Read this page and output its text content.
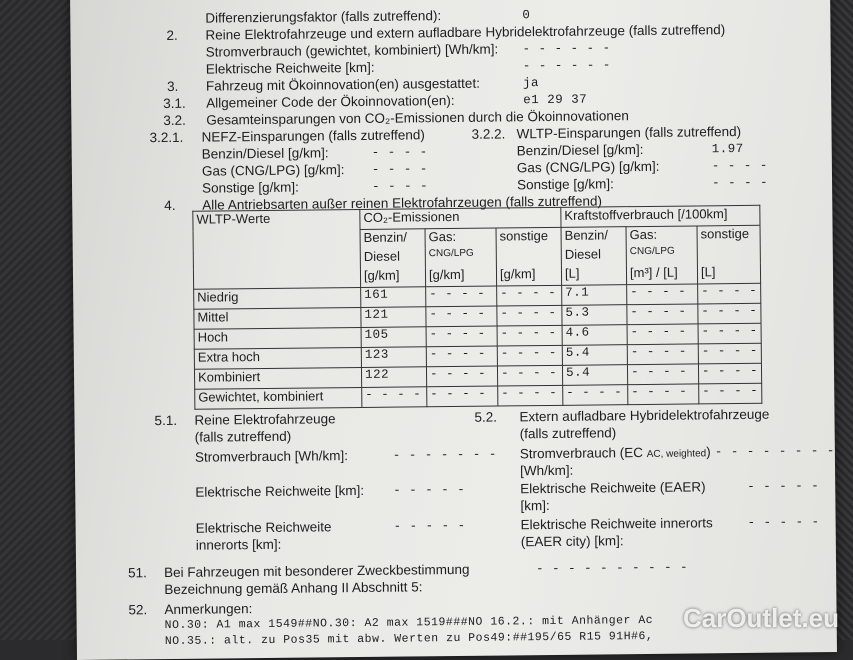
Differenzierungsfaktor (falls zutreffend):	0
2. Reine Elektrofahrzeuge und extern aufladbare Hybridelektrofahrzeuge (falls zutreffend)
Stromverbrauch (gewichtet, kombiniert) [Wh/km]: - - - - - -
Elektrische Reichweite [km]:	- - - - - -
3. Fahrzeug mit Ökoinnovation(en) ausgestattet:	ja
3.1. Allgemeiner Code der Ökoinnovation(en):	e1 29 37
3.2. Gesamteinsparungen von CO₂-Emissionen durch die Ökoinnovationen
3.2.1. NEFZ-Einsparungen (falls zutreffend)	3.2.2. WLTP-Einsparungen (falls zutreffend)
Benzin/Diesel [g/km]:	- - - -	Benzin/Diesel [g/km]:	1.97
Gas (CNG/LPG) [g/km]: - - - -	Gas (CNG/LPG) [g/km]:	- - - -
Sonstige [g/km]:	- - - -	Sonstige [g/km]:	- - - -
4. Alle Antriebsarten außer reinen Elektrofahrzeugen (falls zutreffend)
WLTP-Werte	CO₂-Emissionen			Kraftstoffverbrauch [/100km]		
	Benzin/	Gas:	sonstige	Benzin/	Gas:	sonstige
	Diesel	CNG/LPG		Diesel	CNG/LPG	
	[g/km]	[g/km]	[g/km]	[L]	[m³] / [L]	[L]
Niedrig	161	- - - -	- - - -	7.1	- - - -	- - - -
Mittel	121	- - - -	- - - -	5.3	- - - -	- - - -
Hoch	105	- - - -	- - - -	4.6	- - - -	- - - -
Extra hoch	123	- - - -	- - - -	5.4	- - - -	- - - -
Kombiniert	122	- - - -	- - - -	5.4	- - - -	- - - -
Gewichtet, kombiniert	- - - -	- - - -	- - - -	- - - -	- - - -	- - - -
5.1. Reine Elektrofahrzeuge
(falls zutreffend)
Stromverbrauch [Wh/km]:	- - - - - - -
Elektrische Reichweite [km]: - - - - -
Elektrische Reichweite
innerorts [km]:
- - - - -
5.2. Extern aufladbare Hybridelektrofahrzeuge
(falls zutreffend)
Stromverbrauch (EC AC, weighted)
[Wh/km]:
- - - - - - - -
Elektrische Reichweite (EAER)
[km]:
- - - - -
Elektrische Reichweite innerorts
(EAER city) [km]:
- - - - -
51. Bei Fahrzeugen mit besonderer Zweckbestimmung
Bezeichnung gemäß Anhang II Abschnitt 5:
- - - - - - - - - -
52. Anmerkungen:
NO.30: A1 max 1549##NO.30: A2 max 1519###NO 16.2.: mit Anhänger Ac
NO.35.: alt. zu Pos35 mit abw. Werten zu Pos49:##195/65 R15 91H#6,
CarOutlet.eu
